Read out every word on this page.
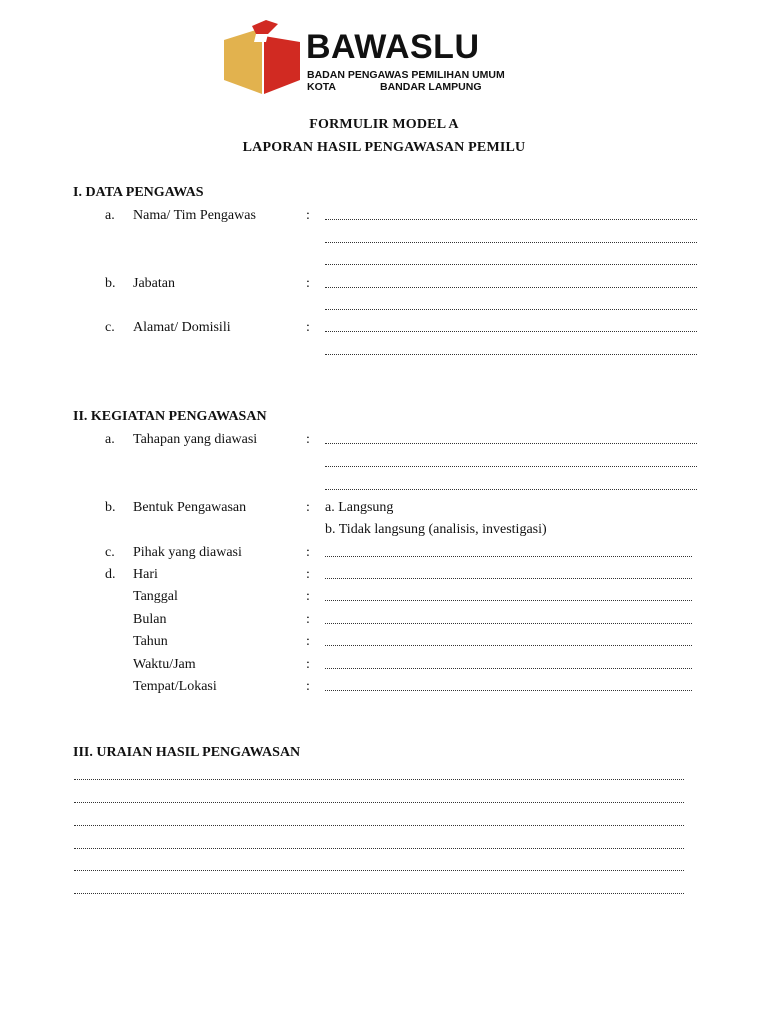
BAWASLU
BADAN PENGAWAS PEMILIHAN UMUM
KOTA	BANDAR LAMPUNG
FORMULIR MODEL A
LAPORAN HASIL PENGAWASAN PEMILU
I. DATA PENGAWAS
a. Nama/ Tim Pengawas	:
b. Jabatan	:
c. Alamat/ Domisili	:
II. KEGIATAN PENGAWASAN
a. Tahapan yang diawasi	:
b. Bentuk Pengawasan	: a. Langsung
b. Tidak langsung (analisis, investigasi)
c. Pihak yang diawasi	:
d. Hari	:
Tanggal	:
Bulan	:
Tahun	:
Waktu/Jam	:
Tempat/Lokasi	:
III. URAIAN HASIL PENGAWASAN
